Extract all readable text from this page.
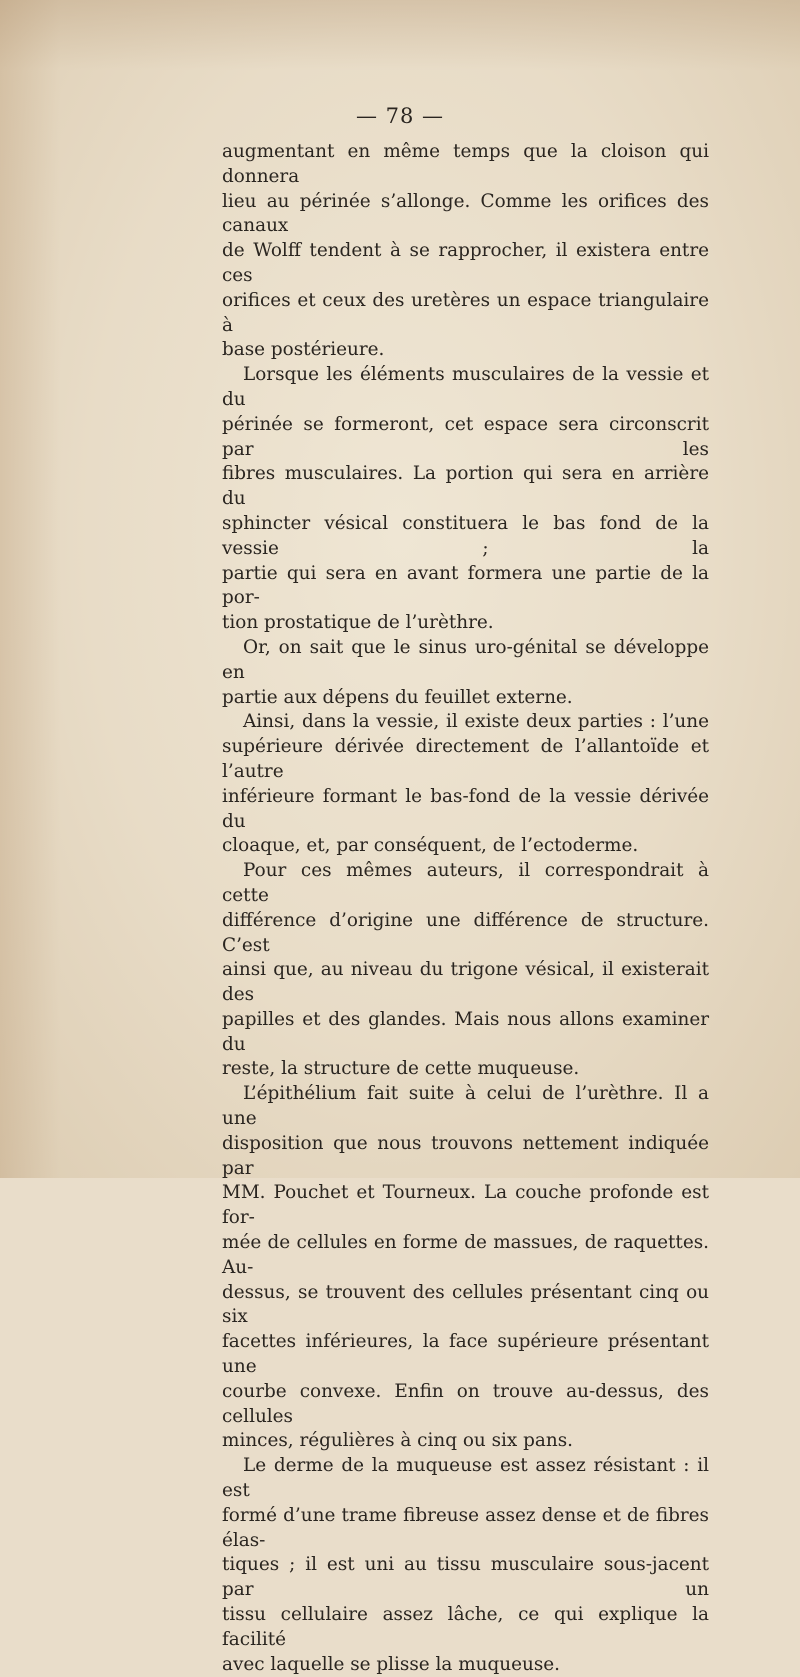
— 78 —

augmentant en même temps que la cloison qui donnera

lieu au périnée s’allonge. Comme les orifices des canaux

de Wolff tendent à se rapprocher, il existera entre ces

orifices et ceux des uretères un espace triangulaire à

base postérieure.

Lorsque les éléments musculaires de la vessie et du

périnée se formeront, cet espace sera circonscrit par les

fibres musculaires. La portion qui sera en arrière du

sphincter vésical constituera le bas fond de la vessie ; la

partie qui sera en avant formera une partie de la por-

tion prostatique de l’urèthre.

Or, on sait que le sinus uro-génital se développe en

partie aux dépens du feuillet externe.

Ainsi, dans la vessie, il existe deux parties : l’une

supérieure dérivée directement de l’allantoïde et l’autre

inférieure formant le bas-fond de la vessie dérivée du

cloaque, et, par conséquent, de l’ectoderme.

Pour ces mêmes auteurs, il correspondrait à cette

différence d’origine une différence de structure. C’est

ainsi que, au niveau du trigone vésical, il existerait des

papilles et des glandes. Mais nous allons examiner du

reste, la structure de cette muqueuse.

L’épithélium fait suite à celui de l’urèthre. Il a une

disposition que nous trouvons nettement indiquée par

MM. Pouchet et Tourneux. La couche profonde est for-

mée de cellules en forme de massues, de raquettes. Au-

dessus, se trouvent des cellules présentant cinq ou six

facettes inférieures, la face supérieure présentant une

courbe convexe. Enfin on trouve au-dessus, des cellules

minces, régulières à cinq ou six pans.

Le derme de la muqueuse est assez résistant : il est

formé d’une trame fibreuse assez dense et de fibres élas-

tiques ; il est uni au tissu musculaire sous-jacent par un

tissu cellulaire assez lâche, ce qui explique la facilité

avec laquelle se plisse la muqueuse.
